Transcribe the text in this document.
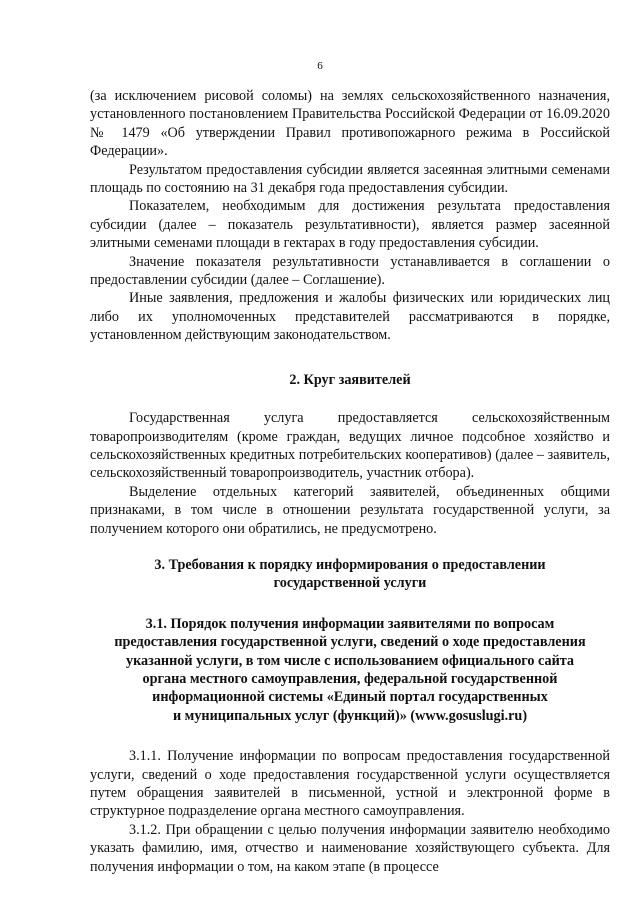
6

(за исключением рисовой соломы) на землях сельскохозяйственного назначения, установленного постановлением Правительства Российской Федерации от 16.09.2020 № 1479 «Об утверждении Правил противопожарного режима в Российской Федерации».

Результатом предоставления субсидии является засеянная элитными семенами площадь по состоянию на 31 декабря года предоставления субсидии.

Показателем, необходимым для достижения результата предоставления субсидии (далее – показатель результативности), является размер засеянной элитными семенами площади в гектарах в году предоставления субсидии.

Значение показателя результативности устанавливается в соглашении о предоставлении субсидии (далее – Соглашение).

Иные заявления, предложения и жалобы физических или юридических лиц либо их уполномоченных представителей рассматриваются в порядке, установленном действующим законодательством.

2. Круг заявителей

Государственная услуга предоставляется сельскохозяйственным товаропроизводителям (кроме граждан, ведущих личное подсобное хозяйство и сельскохозяйственных кредитных потребительских кооперативов) (далее – заявитель, сельскохозяйственный товаропроизводитель, участник отбора).

Выделение отдельных категорий заявителей, объединенных общими признаками, в том числе в отношении результата государственной услуги, за получением которого они обратились, не предусмотрено.

3. Требования к порядку информирования о предоставлении
государственной услуги
3.1. Порядок получения информации заявителями по вопросам
предоставления государственной услуги, сведений о ходе предоставления
указанной услуги, в том числе с использованием официального сайта
органа местного самоуправления, федеральной государственной
информационной системы «Единый портал государственных
и муниципальных услуг (функций)» (www.gosuslugi.ru)

3.1.1. Получение информации по вопросам предоставления государственной услуги, сведений о ходе предоставления государственной услуги осуществляется путем обращения заявителей в письменной, устной и электронной форме в структурное подразделение органа местного самоуправления.

3.1.2. При обращении с целью получения информации заявителю необходимо указать фамилию, имя, отчество и наименование хозяйствующего субъекта. Для получения информации о том, на каком этапе (в процессе
